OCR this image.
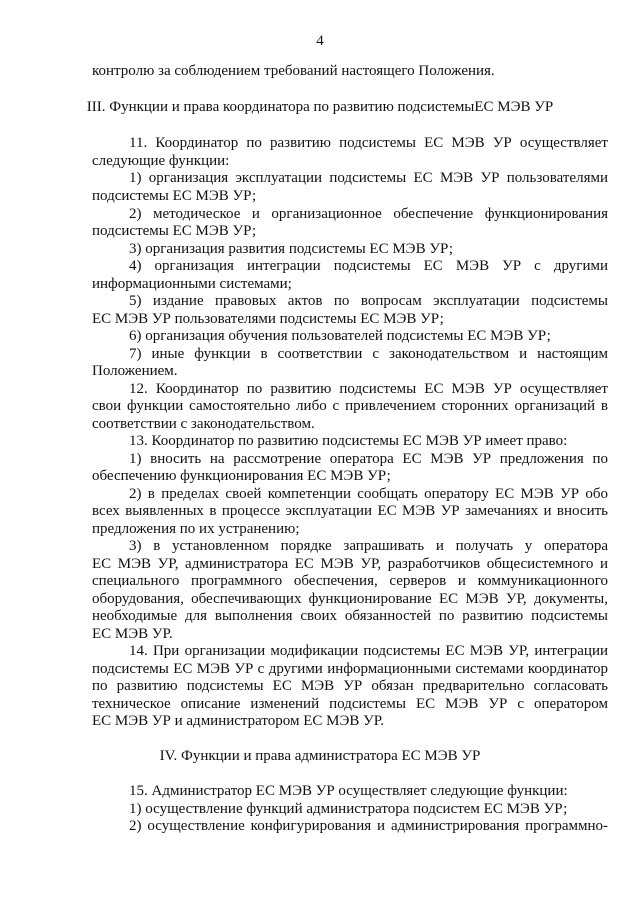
4
контролю за соблюдением требований настоящего Положения.
III. Функции и права координатора по развитию подсистемыЕС МЭВ УР
11. Координатор по развитию подсистемы ЕС МЭВ УР осуществляет
следующие функции:
1) организация эксплуатации подсистемы ЕС МЭВ УР пользователями
подсистемы ЕС МЭВ УР;
2) методическое и организационное обеспечение функционирования
подсистемы ЕС МЭВ УР;
3) организация развития подсистемы ЕС МЭВ УР;
4) организация интеграции подсистемы ЕС МЭВ УР с другими
информационными системами;
5) издание правовых актов по вопросам эксплуатации подсистемы
ЕС МЭВ УР пользователями подсистемы ЕС МЭВ УР;
6) организация обучения пользователей подсистемы ЕС МЭВ УР;
7) иные функции в соответствии с законодательством и настоящим
Положением.
12. Координатор по развитию подсистемы ЕС МЭВ УР осуществляет
свои функции самостоятельно либо с привлечением сторонних организаций в
соответствии с законодательством.
13. Координатор по развитию подсистемы ЕС МЭВ УР имеет право:
1) вносить на рассмотрение оператора ЕС МЭВ УР предложения по
обеспечению функционирования ЕС МЭВ УР;
2) в пределах своей компетенции сообщать оператору ЕС МЭВ УР обо
всех выявленных в процессе эксплуатации ЕС МЭВ УР замечаниях и вносить
предложения по их устранению;
3) в установленном порядке запрашивать и получать у оператора
ЕС МЭВ УР, администратора ЕС МЭВ УР, разработчиков общесистемного и
специального программного обеспечения, серверов и коммуникационного
оборудования, обеспечивающих функционирование ЕС МЭВ УР, документы,
необходимые для выполнения своих обязанностей по развитию подсистемы
ЕС МЭВ УР.
14. При организации модификации подсистемы ЕС МЭВ УР, интеграции
подсистемы ЕС МЭВ УР с другими информационными системами координатор
по развитию подсистемы ЕС МЭВ УР обязан предварительно согласовать
техническое описание изменений подсистемы ЕС МЭВ УР с оператором
ЕС МЭВ УР и администратором ЕС МЭВ УР.
IV. Функции и права администратора ЕС МЭВ УР
15. Администратор ЕС МЭВ УР осуществляет следующие функции:
1) осуществление функций администратора подсистем ЕС МЭВ УР;
2) осуществление конфигурирования и администрирования программно-
